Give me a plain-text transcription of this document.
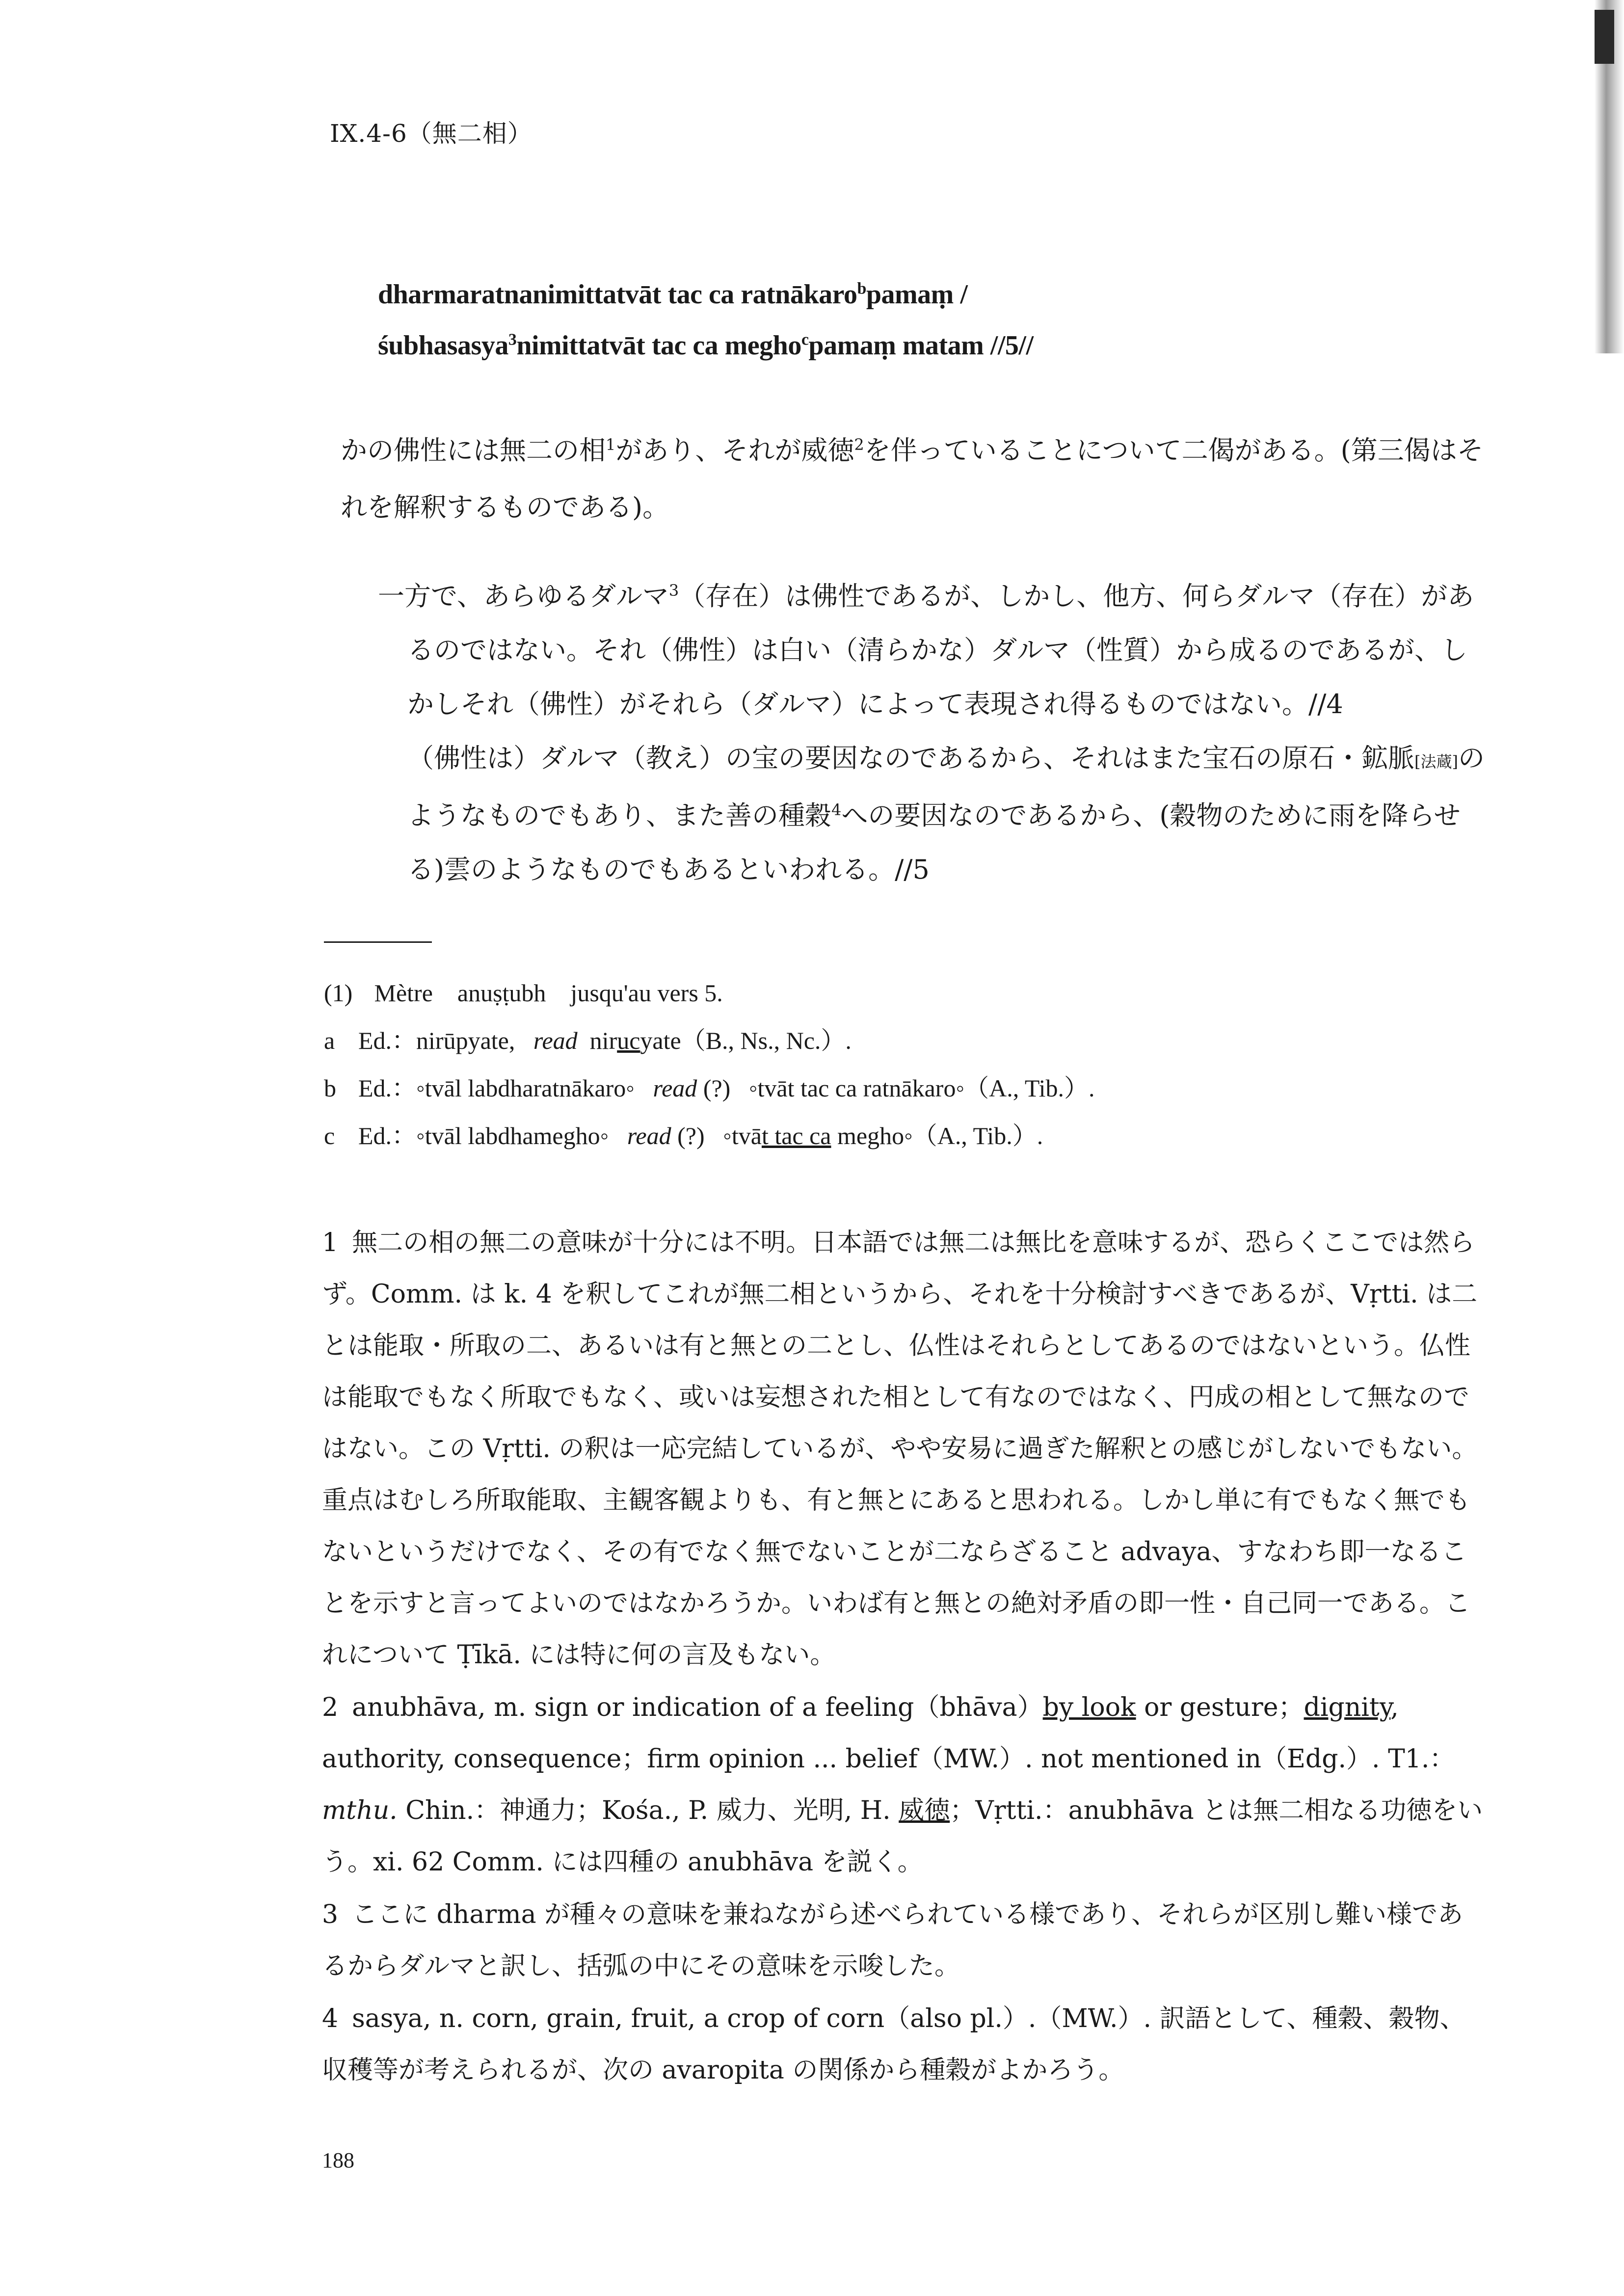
IX.4-6（無二相）
dharmaratnanimittatvāt tac ca ratnākaro$^b$pamaṃ /
śubhasasya$^3$nimittatvāt tac ca megho$^c$pamaṃ matam //5//
かの佛性には無二の相$^1$があり、それが威徳$^2$を伴っていることについて二偈がある。(第三偈はそれを解釈するものである)。
一方で、あらゆるダルマ$^3$（存在）は佛性であるが、しかし、他方、何らダルマ（存在）があるのではない。それ（佛性）は白い（清らかな）ダルマ（性質）から成るのであるが、しかしそれ（佛性）がそれら（ダルマ）によって表現され得るものではない。//4
（佛性は）ダルマ（教え）の宝の要因なのであるから、それはまた宝石の原石・鉱脈[法蔵]のようなものでもあり、また善の種穀$^4$への要因なのであるから、(穀物のために雨を降らせる)雲のようなものでもあるといわれる。//5
(1) Mètre　anuṣṭubh　jusqu'au vers 5.
a Ed.：nirūpyate, read nirucyate（B., Ns., Nc.）.
b Ed.：◦tvāl labdharatnākaro◦ read (?) ◦tvāt tac ca ratnākaro◦（A., Tib.）.
c Ed.：◦tvāl labdhamegho◦ read (?) ◦tvāt tac ca megho◦（A., Tib.）.

1 無二の相の無二の意味が十分には不明。日本語では無二は無比を意味するが、恐らくここでは然らず。Comm. は k. 4 を釈してこれが無二相というから、それを十分検討すべきであるが、Vṛtti. は二とは能取・所取の二、あるいは有と無との二とし、仏性はそれらとしてあるのではないという。仏性は能取でもなく所取でもなく、或いは妄想された相として有なのではなく、円成の相として無なのではない。この Vṛtti. の釈は一応完結しているが、やや安易に過ぎた解釈との感じがしないでもない。重点はむしろ所取能取、主観客観よりも、有と無とにあると思われる。しかし単に有でもなく無でもないというだけでなく、その有でなく無でないことが二ならざること advaya、すなわち即一なることを示すと言ってよいのではなかろうか。いわば有と無との絶対矛盾の即一性・自己同一である。これについて Ṭīkā. には特に何の言及もない。

2 anubhāva, m. sign or indication of a feeling（bhāva）by look or gesture；dignity, authority, consequence；firm opinion ... belief（MW.）. not mentioned in（Edg.）. T1.：mthu. Chin.：神通力；Kośa., P. 威力、光明, H. 威徳；Vṛtti.：anubhāva とは無二相なる功徳をいう。xi. 62 Comm. には四種の anubhāva を説く。

3 ここに dharma が種々の意味を兼ねながら述べられている様であり、それらが区別し難い様であるからダルマと訳し、括弧の中にその意味を示唆した。

4 sasya, n. corn, grain, fruit, a crop of corn（also pl.）.（MW.）. 訳語として、種穀、穀物、収穫等が考えられるが、次の avaropita の関係から種穀がよかろう。

188
